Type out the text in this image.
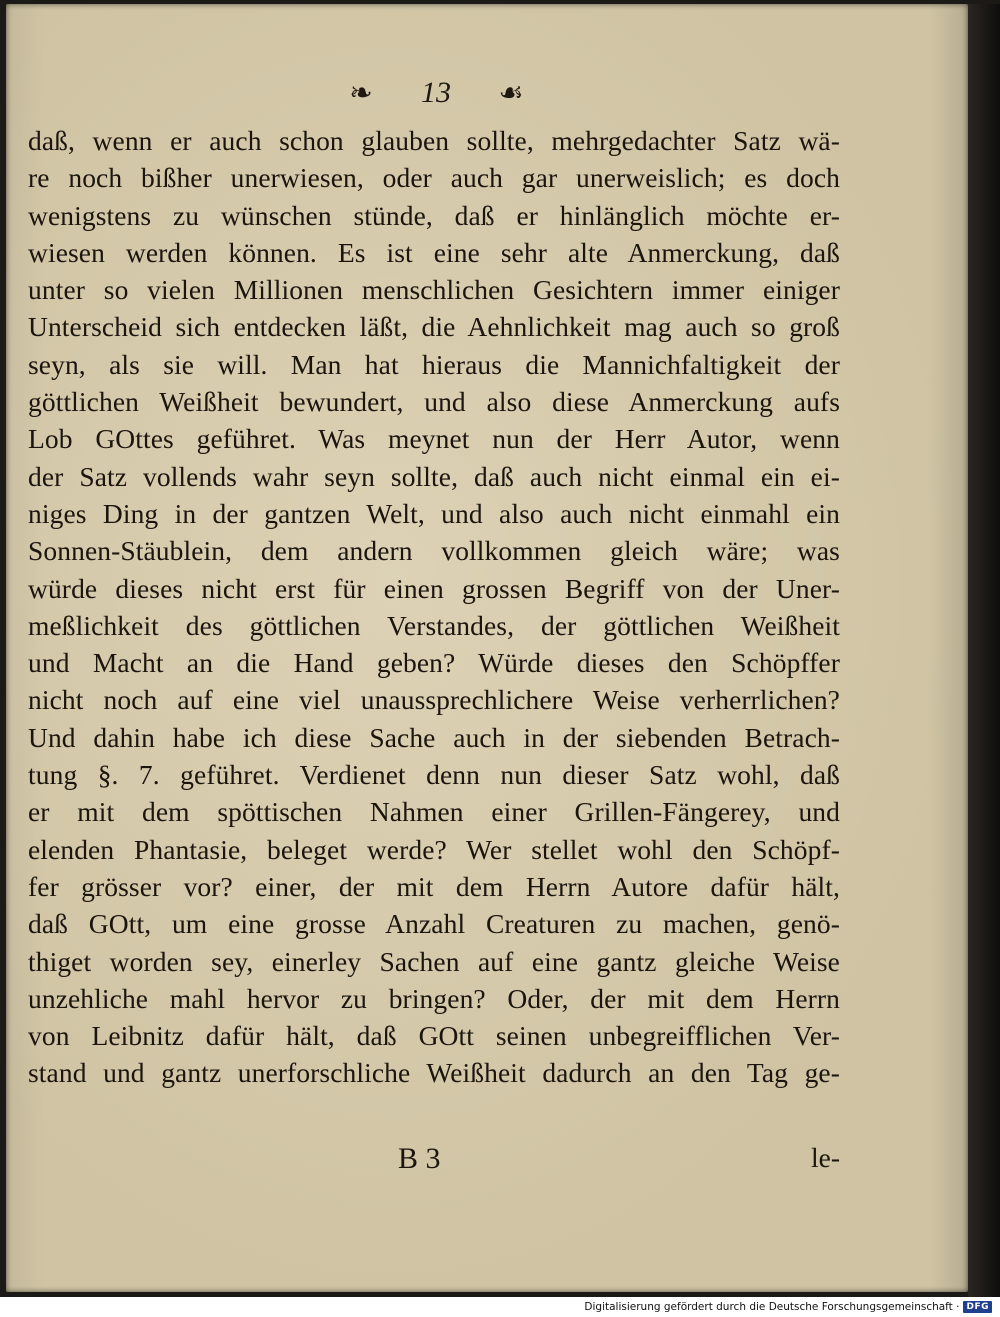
❧ 13 ☙
daß, wenn er auch schon glauben sollte, mehrgedachter Satz wä-
re noch bißher unerwiesen, oder auch gar unerweislich; es doch
wenigstens zu wünschen stünde, daß er hinlänglich möchte er-
wiesen werden können. Es ist eine sehr alte Anmerckung, daß
unter so vielen Millionen menschlichen Gesichtern immer einiger
Unterscheid sich entdecken läßt, die Aehnlichkeit mag auch so groß
seyn, als sie will. Man hat hieraus die Mannichfaltigkeit der
göttlichen Weißheit bewundert, und also diese Anmerckung aufs
Lob GOttes geführet. Was meynet nun der Herr Autor, wenn
der Satz vollends wahr seyn sollte, daß auch nicht einmal ein ei-
niges Ding in der gantzen Welt, und also auch nicht einmahl ein
Sonnen-Stäublein, dem andern vollkommen gleich wäre; was
würde dieses nicht erst für einen grossen Begriff von der Uner-
meßlichkeit des göttlichen Verstandes, der göttlichen Weißheit
und Macht an die Hand geben? Würde dieses den Schöpffer
nicht noch auf eine viel unaussprechlichere Weise verherrlichen?
Und dahin habe ich diese Sache auch in der siebenden Betrach-
tung §. 7. geführet. Verdienet denn nun dieser Satz wohl, daß
er mit dem spöttischen Nahmen einer Grillen-Fängerey, und
elenden Phantasie, beleget werde? Wer stellet wohl den Schöpf-
fer grösser vor? einer, der mit dem Herrn Autore dafür hält,
daß GOtt, um eine grosse Anzahl Creaturen zu machen, genö-
thiget worden sey, einerley Sachen auf eine gantz gleiche Weise
unzehliche mahl hervor zu bringen? Oder, der mit dem Herrn
von Leibnitz dafür hält, daß GOtt seinen unbegreifflichen Ver-
stand und gantz unerforschliche Weißheit dadurch an den Tag ge-
B 3	le-
Digitalisierung gefördert durch die Deutsche Forschungsgemeinschaft · DFG
